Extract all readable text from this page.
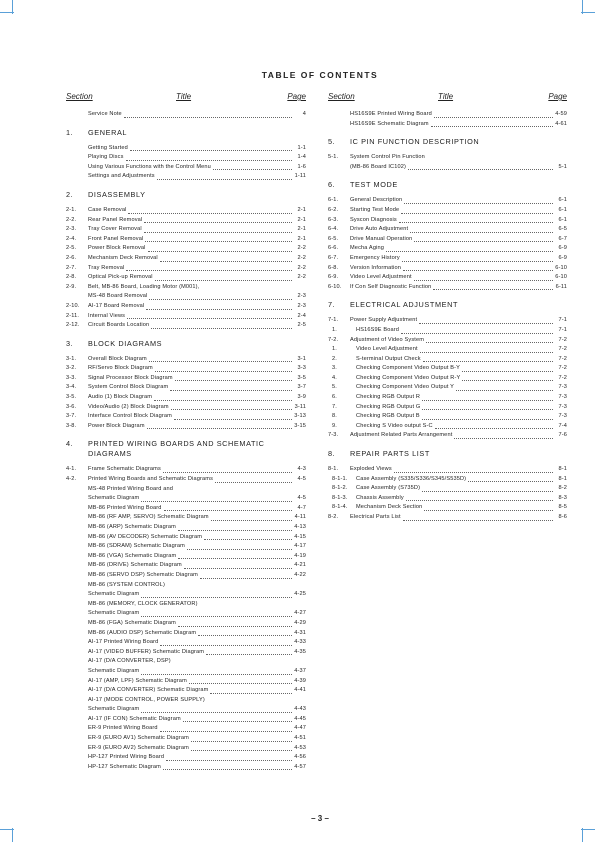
TABLE OF CONTENTS
Section	Title	Page
Service Note	4
1.	GENERAL
Getting Started	1-1
Playing Discs	1-4
Using Various Functions with the Control Menu	1-6
Settings and Adjustments	1-11
2.	DISASSEMBLY
2-1.	Case Removal	2-1
2-2.	Rear Panel Removal	2-1
2-3.	Tray Cover Removal	2-1
2-4.	Front Panel Removal	2-1
2-5.	Power Block Removal	2-2
2-6.	Mechanism Deck Removal	2-2
2-7.	Tray Removal	2-2
2-8.	Optical Pick-up Removal	2-2
2-9.	Belt, MB-86 Board, Loading Motor (M001),
MS-48 Board Removal	2-3
2-10.	AI-17 Board Removal	2-3
2-11.	Internal Views	2-4
2-12.	Circuit Boards Location	2-5
3.	BLOCK DIAGRAMS
3-1.	Overall Block Diagram	3-1
3-2.	RF/Servo Block Diagram	3-3
3-3.	Signal Processor Block Diagram	3-5
3-4.	System Control Block Diagram	3-7
3-5.	Audio (1) Block Diagram	3-9
3-6.	Video/Audio (2) Block Diagram	3-11
3-7.	Interface Control Block Diagram	3-13
3-8.	Power Block Diagram	3-15
4.	PRINTED WIRING BOARDS AND SCHEMATIC DIAGRAMS
4-1.	Frame Schematic Diagrams	4-3
4-2.	Printed Wiring Boards and Schematic Diagrams	4-5
MS-48 Printed Wiring Board and
Schematic Diagram	4-5
MB-86 Printed Wiring Board	4-7
MB-86 (RF AMP, SERVO) Schematic Diagram	4-11
MB-86 (ARP) Schematic Diagram	4-13
MB-86 (AV DECODER) Schematic Diagram	4-15
MB-86 (SDRAM) Schematic Diagram	4-17
MB-86 (VGA) Schematic Diagram	4-19
MB-86 (DRIVE) Schematic Diagram	4-21
MB-86 (SERVO DSP) Schematic Diagram	4-22
MB-86 (SYSTEM CONTROL)
Schematic Diagram	4-25
MB-86 (MEMORY, CLOCK GENERATOR)
Schematic Diagram	4-27
MB-86 (FGA) Schematic Diagram	4-29
MB-86 (AUDIO DSP) Schematic Diagram	4-31
AI-17 Printed Wiring Board	4-33
AI-17 (VIDEO BUFFER) Schematic Diagram	4-35
AI-17 (D/A CONVERTER, DSP)
Schematic Diagram	4-37
AI-17 (AMP, LPF) Schematic Diagram	4-39
AI-17 (D/A CONVERTER) Schematic Diagram	4-41
AI-17 (MODE CONTROL, POWER SUPPLY)
Schematic Diagram	4-43
AI-17 (IF CON) Schematic Diagram	4-45
ER-9 Printed Wiring Board	4-47
ER-9 (EURO AV1) Schematic Diagram	4-51
ER-9 (EURO AV2) Schematic Diagram	4-53
HP-127 Printed Wiring Board	4-56
HP-127 Schematic Diagram	4-57
Section	Title	Page
HS16S9E Printed Wiring Board	4-59
HS16S9E Schematic Diagram	4-61
5.	IC PIN FUNCTION DESCRIPTION
5-1.	System Control Pin Function
(MB-86 Board IC102)	5-1
6.	TEST MODE
6-1.	General Description	6-1
6-2.	Starting Test Mode	6-1
6-3.	Syscon Diagnosis	6-1
6-4.	Drive Auto Adjustment	6-5
6-5.	Drive Manual Operation	6-7
6-6.	Mecha Aging	6-9
6-7.	Emergency History	6-9
6-8.	Version Information	6-10
6-9.	Video Level Adjustment	6-10
6-10.	If Con Self Diagnostic Function	6-11
7.	ELECTRICAL ADJUSTMENT
7-1.	Power Supply Adjustment	7-1
1.	HS16S9E Board	7-1
7-2.	Adjustment of Video System	7-2
1.	Video Level Adjustment	7-2
2.	S-terminal Output Check	7-2
3.	Checking Component Video Output B-Y	7-2
4.	Checking Component Video Output R-Y	7-2
5.	Checking Component Video Output Y	7-3
6.	Checking RGB Output R	7-3
7.	Checking RGB Output G	7-3
8.	Checking RGB Output B	7-3
9.	Checking S Video output S-C	7-4
7-3.	Adjustment Related Parts Arrangement	7-6
8.	REPAIR PARTS LIST
8-1.	Exploded Views	8-1
8-1-1.	Case Assembly (S335/S336/S345/S535D)	8-1
8-1-2.	Case Assembly (S735D)	8-2
8-1-3.	Chassis Assembly	8-3
8-1-4.	Mechanism Deck Section	8-5
8-2.	Electrical Parts List	8-6
– 3 –
